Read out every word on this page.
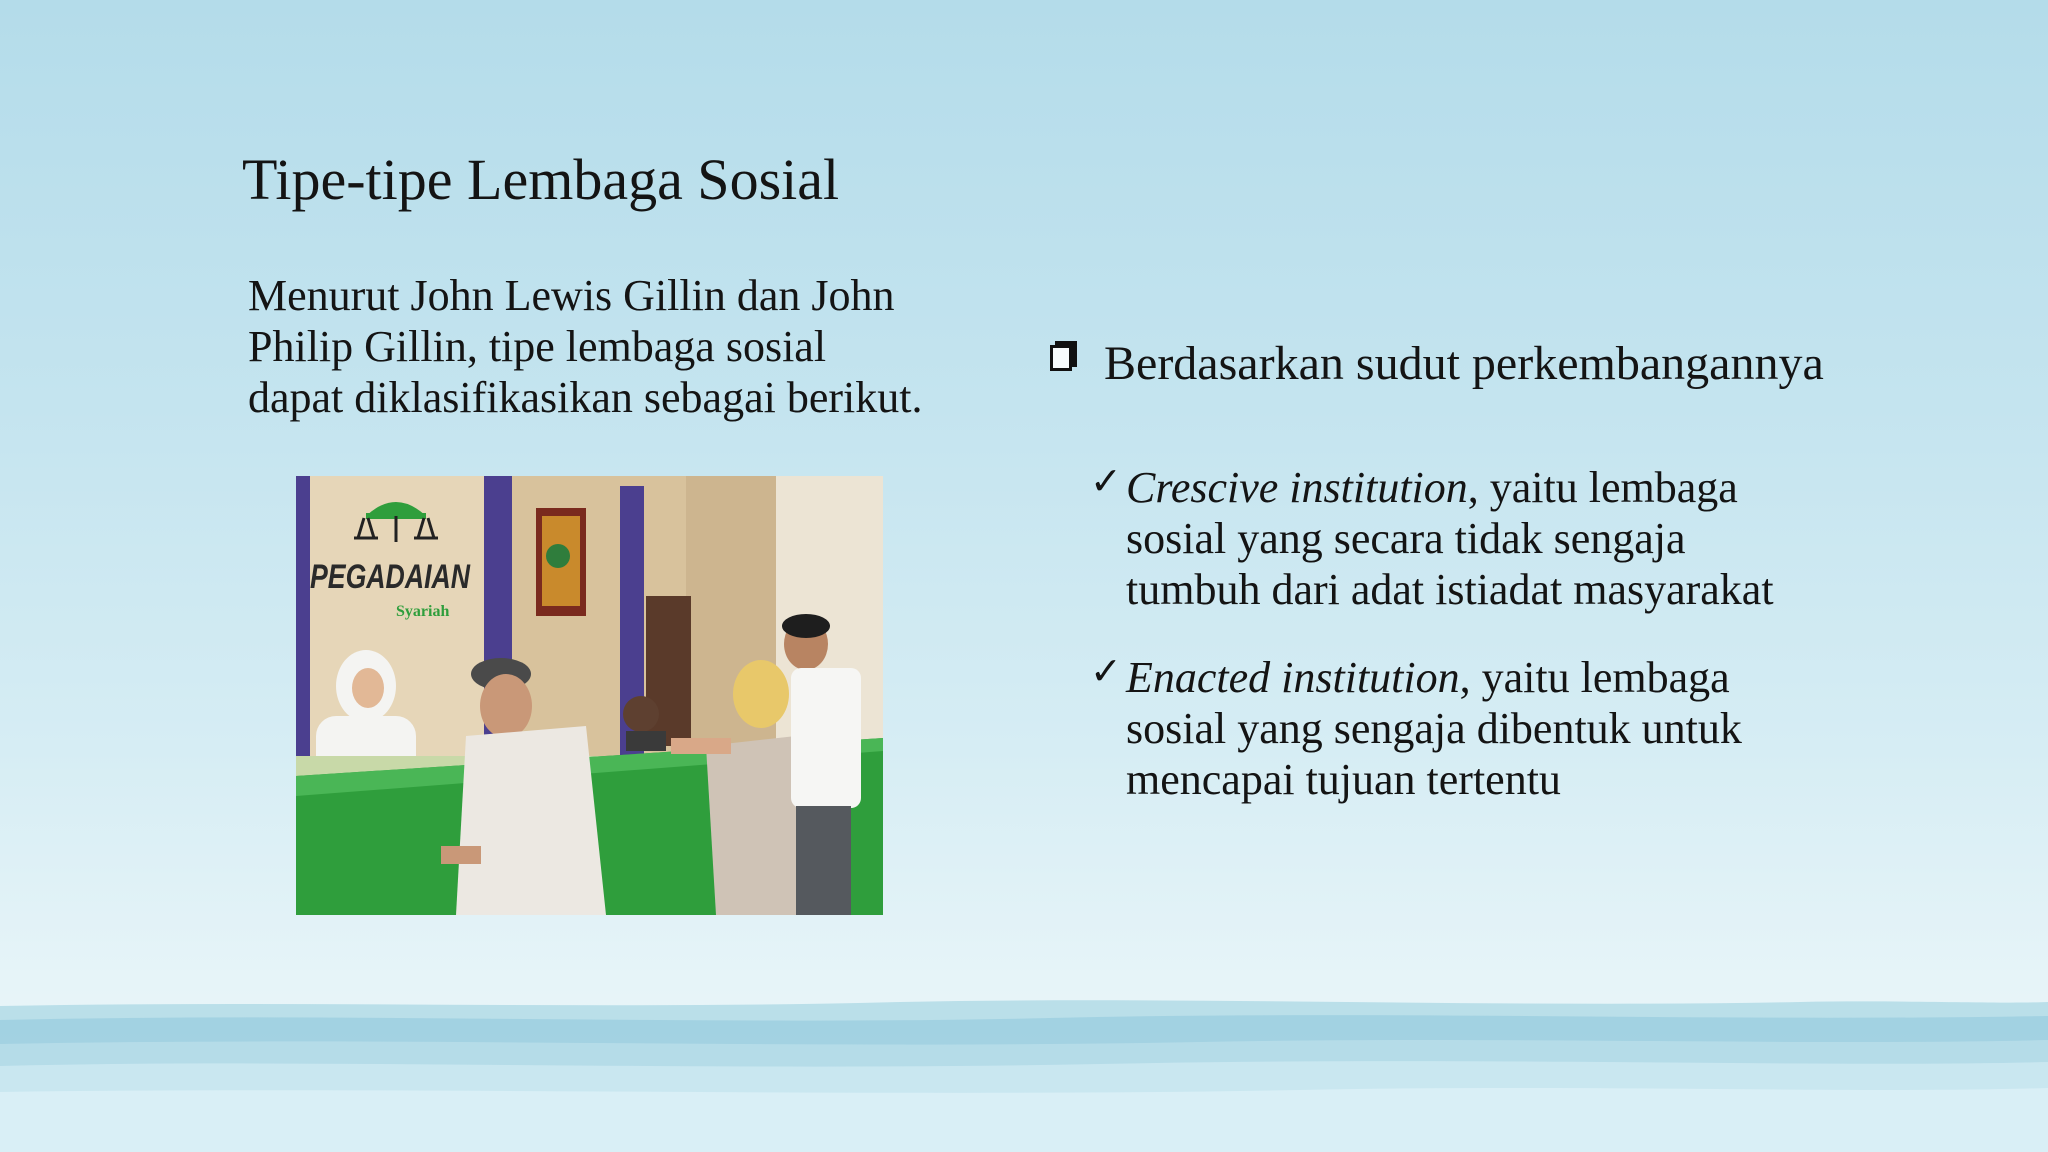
Tipe-tipe Lembaga Sosial
Menurut John Lewis Gillin dan John
Philip Gillin, tipe lembaga sosial
dapat diklasifikasikan sebagai berikut.
PEGADAIAN
Syariah
Berdasarkan sudut perkembangannya
✓ Crescive institution, yaitu lembaga
sosial yang secara tidak sengaja
tumbuh dari adat istiadat masyarakat
✓ Enacted institution, yaitu lembaga
sosial yang sengaja dibentuk untuk
mencapai tujuan tertentu
